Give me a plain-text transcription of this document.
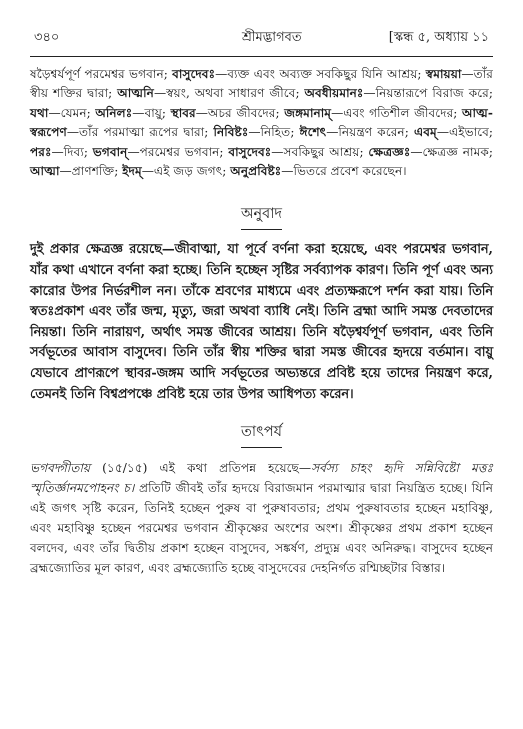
৩৪০	শ্রীমদ্ভাগবত	[স্কন্ধ ৫, অধ্যায় ১১

ষড়ৈশ্বর্যপূর্ণ পরমেশ্বর ভগবান; বাসুদেবঃ—ব্যক্ত এবং অব্যক্ত সবকিছুর যিনি আশ্রয়; স্বমায়য়া—তাঁর স্বীয় শক্তির দ্বারা; আত্মনি—স্বয়ং, অথবা সাধারণ জীবে; অবধীয়মানঃ—নিয়ন্তারূপে বিরাজ করে; যথা—যেমন; অনিলঃ—বায়ু; স্থাবর—অচর জীবদের; জঙ্গমানাম্—এবং গতিশীল জীবদের; আত্ম-স্বরূপেণ—তাঁর পরমাত্মা রূপের দ্বারা; নিবিষ্টঃ—নিহিত; ঈশেৎ—নিয়ন্ত্রণ করেন; এবম্—এইভাবে; পরঃ—দিব্য; ভগবান্—পরমেশ্বর ভগবান; বাসুদেবঃ—সবকিছুর আশ্রয়; ক্ষেত্রজ্ঞঃ—ক্ষেত্রজ্ঞ নামক; আত্মা—প্রাণশক্তি; ইদম্—এই জড় জগৎ; অনুপ্রবিষ্টঃ—ভিতরে প্রবেশ করেছেন।

অনুবাদ

দুই প্রকার ক্ষেত্রজ্ঞ রয়েছে—জীবাত্মা, যা পূর্বে বর্ণনা করা হয়েছে, এবং পরমেশ্বর ভগবান, যাঁর কথা এখানে বর্ণনা করা হচ্ছে। তিনি হচ্ছেন সৃষ্টির সর্বব্যাপক কারণ। তিনি পূর্ণ এবং অন্য কারোর উপর নির্ভরশীল নন। তাঁকে শ্রবণের মাধ্যমে এবং প্রত্যক্ষরূপে দর্শন করা যায়। তিনি স্বতঃপ্রকাশ এবং তাঁর জন্ম, মৃত্যু, জরা অথবা ব্যাধি নেই। তিনি ব্রহ্মা আদি সমস্ত দেবতাদের নিয়ন্তা। তিনি নারায়ণ, অর্থাৎ সমস্ত জীবের আশ্রয়। তিনি ষড়ৈশ্বর্যপূর্ণ ভগবান, এবং তিনি সর্বভূতের আবাস বাসুদেব। তিনি তাঁর স্বীয় শক্তির দ্বারা সমস্ত জীবের হৃদয়ে বর্তমান। বায়ু যেভাবে প্রাণরূপে স্থাবর-জঙ্গম আদি সর্বভূতের অভ্যন্তরে প্রবিষ্ট হয়ে তাদের নিয়ন্ত্রণ করে, তেমনই তিনি বিশ্বপ্রপঞ্চে প্রবিষ্ট হয়ে তার উপর আধিপত্য করেন।

তাৎপর্য

ভগবদ্গীতায় (১৫/১৫) এই কথা প্রতিপন্ন হয়েছে—সর্বস্য চাহং হৃদি সন্নিবিষ্টো মত্তঃ স্মৃতির্জ্ঞানমপোহনং চ। প্রতিটি জীবই তাঁর হৃদয়ে বিরাজমান পরমাত্মার দ্বারা নিয়ন্ত্রিত হচ্ছে। যিনি এই জগৎ সৃষ্টি করেন, তিনিই হচ্ছেন পুরুষ বা পুরুষাবতার; প্রথম পুরুষাবতার হচ্ছেন মহাবিষ্ণু, এবং মহাবিষ্ণু হচ্ছেন পরমেশ্বর ভগবান শ্রীকৃষ্ণের অংশের অংশ। শ্রীকৃষ্ণের প্রথম প্রকাশ হচ্ছেন বলদেব, এবং তাঁর দ্বিতীয় প্রকাশ হচ্ছেন বাসুদেব, সঙ্কর্ষণ, প্রদ্যুম্ন এবং অনিরুদ্ধ। বাসুদেব হচ্ছেন ব্রহ্মজ্যোতির মূল কারণ, এবং ব্রহ্মজ্যোতি হচ্ছে বাসুদেবের দেহনির্গত রশ্মিচ্ছটার বিস্তার।
